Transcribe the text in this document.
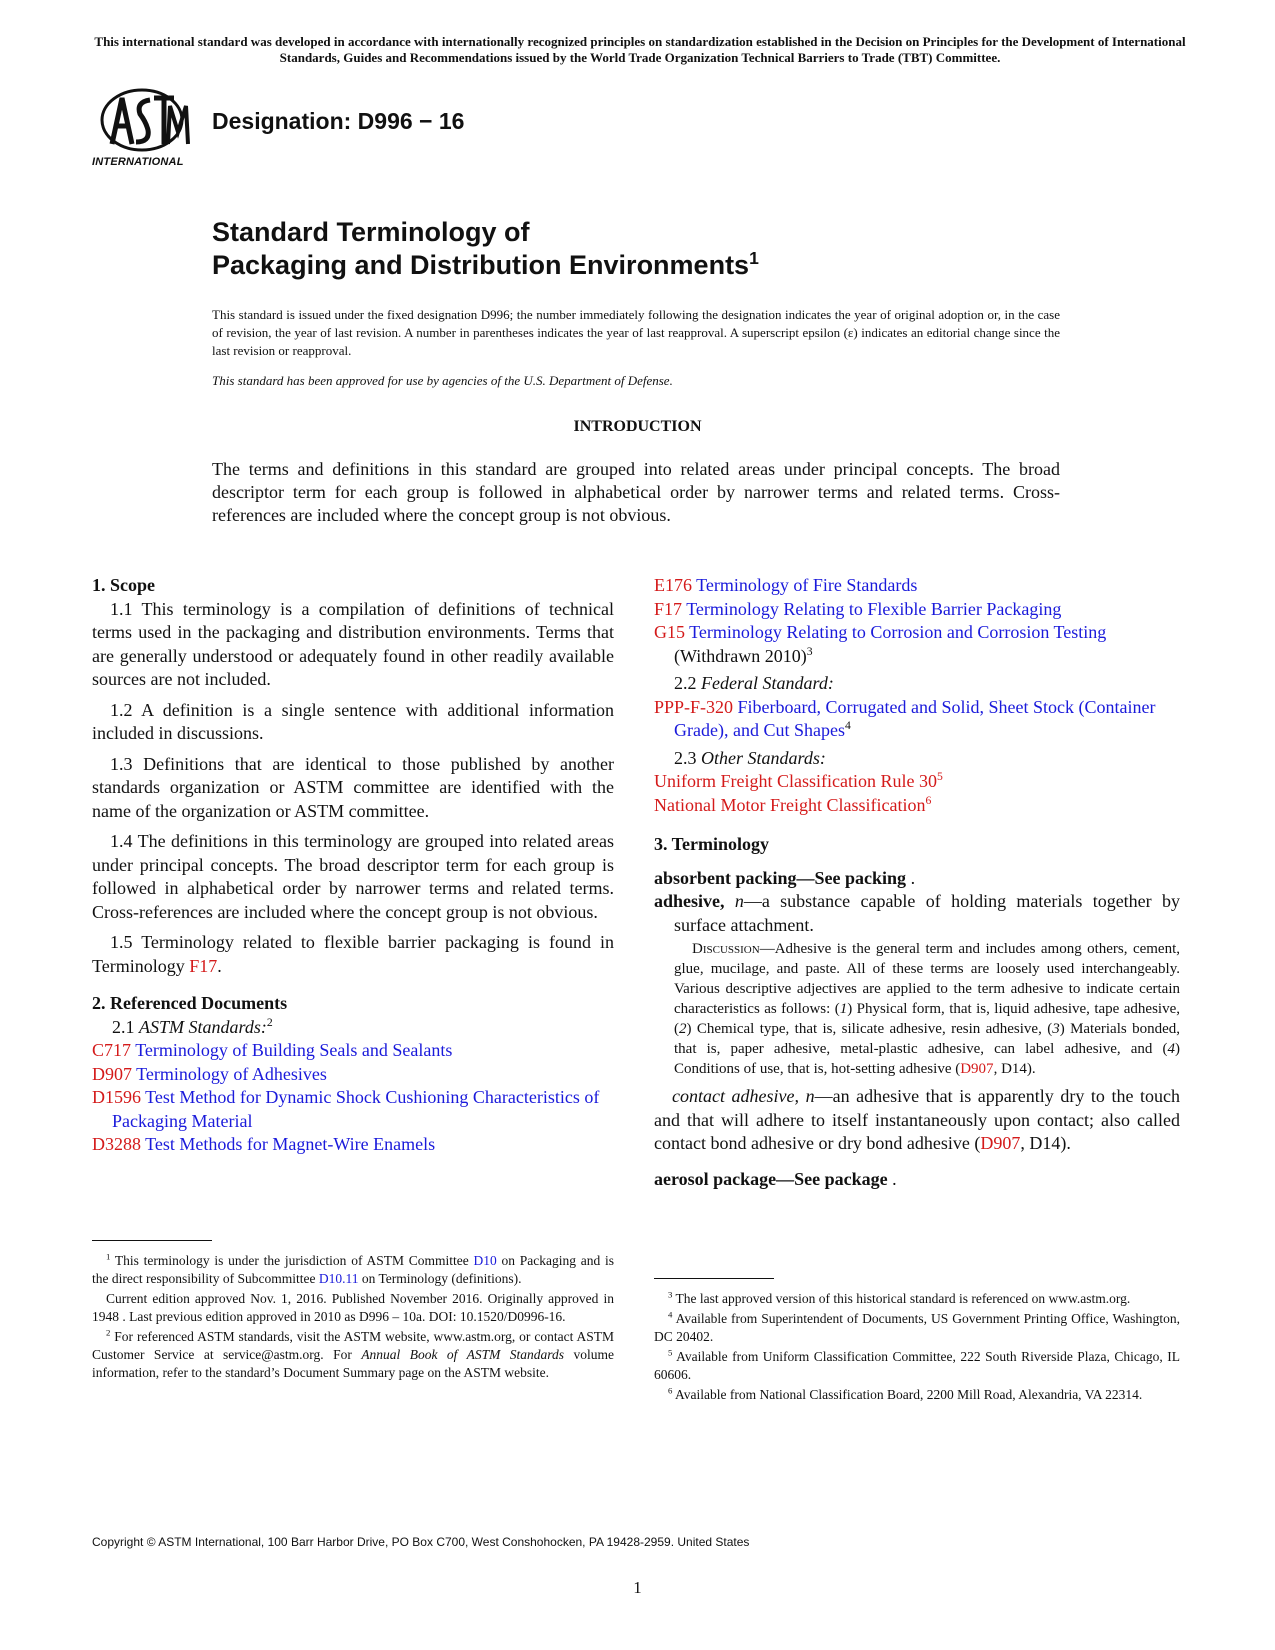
This international standard was developed in accordance with internationally recognized principles on standardization established in the Decision on Principles for the Development of International Standards, Guides and Recommendations issued by the World Trade Organization Technical Barriers to Trade (TBT) Committee.
INTERNATIONAL
Designation: D996 − 16
Standard Terminology of
Packaging and Distribution Environments$^1$
This standard is issued under the fixed designation D996; the number immediately following the designation indicates the year of original adoption or, in the case of revision, the year of last revision. A number in parentheses indicates the year of last reapproval. A superscript epsilon (ε) indicates an editorial change since the last revision or reapproval.
This standard has been approved for use by agencies of the U.S. Department of Defense.
INTRODUCTION
The terms and definitions in this standard are grouped into related areas under principal concepts. The broad descriptor term for each group is followed in alphabetical order by narrower terms and related terms. Cross-references are included where the concept group is not obvious.

1. Scope

1.1 This terminology is a compilation of definitions of technical terms used in the packaging and distribution environments. Terms that are generally understood or adequately found in other readily available sources are not included.

1.2 A definition is a single sentence with additional information included in discussions.

1.3 Definitions that are identical to those published by another standards organization or ASTM committee are identified with the name of the organization or ASTM committee.

1.4 The definitions in this terminology are grouped into related areas under principal concepts. The broad descriptor term for each group is followed in alphabetical order by narrower terms and related terms. Cross-references are included where the concept group is not obvious.

1.5 Terminology related to flexible barrier packaging is found in Terminology F17.

2. Referenced Documents

2.1 ASTM Standards:$^2$

C717 Terminology of Building Seals and Sealants

D907 Terminology of Adhesives

D1596 Test Method for Dynamic Shock Cushioning Characteristics of Packaging Material

D3288 Test Methods for Magnet-Wire Enamels

E176 Terminology of Fire Standards

F17 Terminology Relating to Flexible Barrier Packaging

G15 Terminology Relating to Corrosion and Corrosion Testing (Withdrawn 2010)$^3$

2.2 Federal Standard:

PPP-F-320 Fiberboard, Corrugated and Solid, Sheet Stock (Container Grade), and Cut Shapes$^4$

2.3 Other Standards:

Uniform Freight Classification Rule $30^5$

National Motor Freight Classification$^6$

3. Terminology

absorbent packing—See packing .

adhesive, n—a substance capable of holding materials together by surface attachment.

Discussion—Adhesive is the general term and includes among others, cement, glue, mucilage, and paste. All of these terms are loosely used interchangeably. Various descriptive adjectives are applied to the term adhesive to indicate certain characteristics as follows: (1) Physical form, that is, liquid adhesive, tape adhesive, (2) Chemical type, that is, silicate adhesive, resin adhesive, (3) Materials bonded, that is, paper adhesive, metal-plastic adhesive, can label adhesive, and (4) Conditions of use, that is, hot-setting adhesive (D907, D14).

contact adhesive, n—an adhesive that is apparently dry to the touch and that will adhere to itself instantaneously upon contact; also called contact bond adhesive or dry bond adhesive (D907, D14).

aerosol package—See package .

$^1$ This terminology is under the jurisdiction of ASTM Committee D10 on Packaging and is the direct responsibility of Subcommittee D10.11 on Terminology (definitions).

Current edition approved Nov. 1, 2016. Published November 2016. Originally approved in 1948 . Last previous edition approved in 2010 as D996 – 10a. DOI: 10.1520/D0996-16.

$^2$ For referenced ASTM standards, visit the ASTM website, www.astm.org, or contact ASTM Customer Service at service@astm.org. For Annual Book of ASTM Standards volume information, refer to the standard’s Document Summary page on the ASTM website.

$^3$ The last approved version of this historical standard is referenced on www.astm.org.

$^4$ Available from Superintendent of Documents, US Government Printing Office, Washington, DC 20402.

$^5$ Available from Uniform Classification Committee, 222 South Riverside Plaza, Chicago, IL 60606.

$^6$ Available from National Classification Board, 2200 Mill Road, Alexandria, VA 22314.

Copyright © ASTM International, 100 Barr Harbor Drive, PO Box C700, West Conshohocken, PA 19428-2959. United States
1
